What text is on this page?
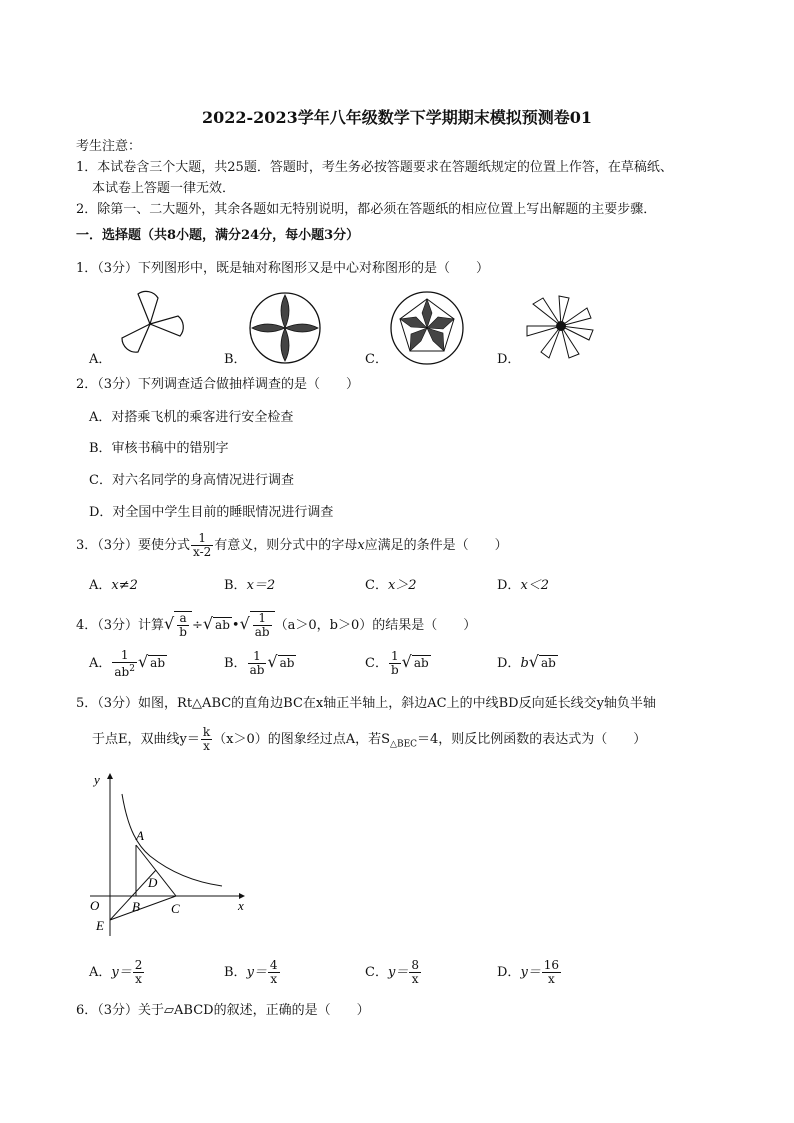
2022-2023学年八年级数学下学期期末模拟预测卷01
考生注意：
1．本试卷含三个大题，共25题．答题时，考生务必按答题要求在答题纸规定的位置上作答，在草稿纸、
本试卷上答题一律无效．
2．除第一、二大题外，其余各题如无特别说明，都必须在答题纸的相应位置上写出解题的主要步骤．
一．选择题（共8小题，满分24分，每小题3分）
1．（3分）下列图形中，既是轴对称图形又是中心对称图形的是（　　）
A．	B．	C．	D．
2．（3分）下列调查适合做抽样调查的是（　　）
A．对搭乘飞机的乘客进行安全检查
B．审核书稿中的错别字
C．对六名同学的身高情况进行调查
D．对全国中学生目前的睡眠情况进行调查
3．（3分）要使分式 $\frac{1}{x-2}$ 有意义，则分式中的字母x应满足的条件是（　　）
A．x≠2	B．x＝2	C．x＞2	D．x＜2
4．（3分）计算√ $\frac{a}{b}$ ÷√ ab •√ $\frac{1}{ab} (a>0$，b＞0）的结果是（　　）
A． $\frac{1}{ab^2}$ √ ab	B． $\frac{1}{ab}$ √ ab	C． $\frac{1}{b}$ √ ab	D．b√ ab
5．（3分）如图，Rt△ABC的直角边BC在x轴正半轴上，斜边AC上的中线BD反向延长线交y轴负半轴
于点E，双曲线$y= \frac{k}{x} (x>0)$的图象经过点A，若$S_{\triangle BEC}=4$，则反比例函数的表达式为（　　）
y
x
O
A
D
B C
E
A．$y= \frac{2}{x}$	B．$y= \frac{4}{x}$	C．$y= \frac{8}{x}$	D．$y= \frac{16}{x}$
6．（3分）关于▱ABCD的叙述，正确的是（　　）
